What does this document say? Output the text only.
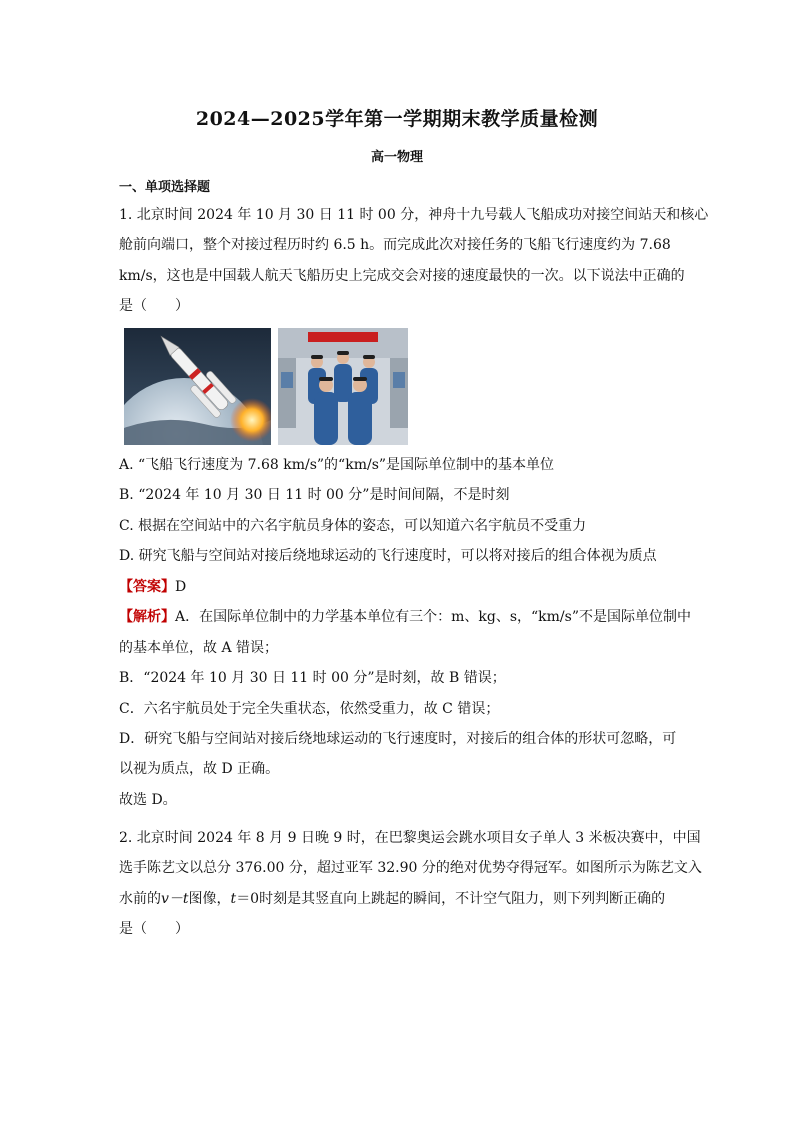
2024—2025学年第一学期期末教学质量检测
高一物理
一、单项选择题
1. 北京时间 2024 年 10 月 30 日 11 时 00 分，神舟十九号载人飞船成功对接空间站天和核心
舱前向端口，整个对接过程历时约 6.5 h。而完成此次对接任务的飞船飞行速度约为 7.68
km/s，这也是中国载人航天飞船历史上完成交会对接的速度最快的一次。以下说法中正确的
是（　　）
A. “飞船飞行速度为 7.68 km/s”的“km/s”是国际单位制中的基本单位
B. “2024 年 10 月 30 日 11 时 00 分”是时间间隔，不是时刻
C. 根据在空间站中的六名宇航员身体的姿态，可以知道六名宇航员不受重力
D. 研究飞船与空间站对接后绕地球运动的飞行速度时，可以将对接后的组合体视为质点
【答案】D
【解析】A．在国际单位制中的力学基本单位有三个：m、kg、s，“km/s”不是国际单位制中
的基本单位，故 A 错误；
B．“2024 年 10 月 30 日 11 时 00 分”是时刻，故 B 错误；
C．六名宇航员处于完全失重状态，依然受重力，故 C 错误；
D．研究飞船与空间站对接后绕地球运动的飞行速度时，对接后的组合体的形状可忽略，可
以视为质点，故 D 正确。
故选 D。
2. 北京时间 2024 年 8 月 9 日晚 9 时，在巴黎奥运会跳水项目女子单人 3 米板决赛中，中国
选手陈艺文以总分 376.00 分，超过亚军 32.90 分的绝对优势夺得冠军。如图所示为陈艺文入
水前的v－t图像，t＝0时刻是其竖直向上跳起的瞬间，不计空气阻力，则下列判断正确的
是（　　）
